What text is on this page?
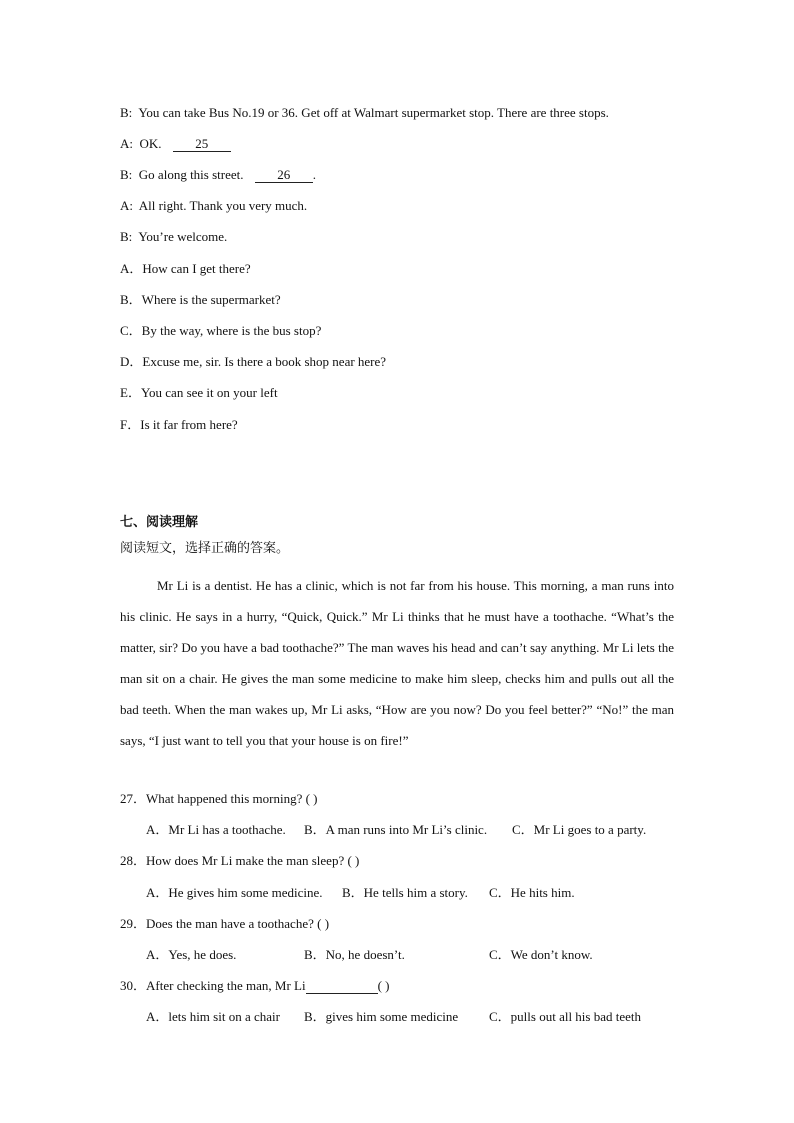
B: You can take Bus No.19 or 36. Get off at Walmart supermarket stop. There are three stops.
A: OK.	25
B: Go along this street.	26 .
A: All right. Thank you very much.
B: You’re welcome.
A．How can I get there?
B．Where is the supermarket?
C．By the way, where is the bus stop?
D．Excuse me, sir. Is there a book shop near here?
E．You can see it on your left
F．Is it far from here?
七、阅读理解
阅读短文，选择正确的答案。
Mr Li is a dentist. He has a clinic, which is not far from his house. This morning, a man runs into his clinic. He says in a hurry, “Quick, Quick.” Mr Li thinks that he must have a toothache. “What’s the matter, sir? Do you have a bad toothache?” The man waves his head and can’t say anything. Mr Li lets the man sit on a chair. He gives the man some medicine to make him sleep, checks him and pulls out all the bad teeth. When the man wakes up, Mr Li asks, “How are you now? Do you feel better?” “No!” the man says, “I just want to tell you that your house is on fire!”
27．What happened this morning? ( )
A．Mr Li has a toothache. B．A man runs into Mr Li’s clinic. C．Mr Li goes to a party.
28．How does Mr Li make the man sleep? ( )
A．He gives him some medicine. B．He tells him a story. C．He hits him.
29．Does the man have a toothache? ( )
A．Yes, he does.	B．No, he doesn’t.	C．We don’t know.
30．After checking the man, Mr Li	( )
A．lets him sit on a chair B．gives him some medicine C．pulls out all his bad teeth
